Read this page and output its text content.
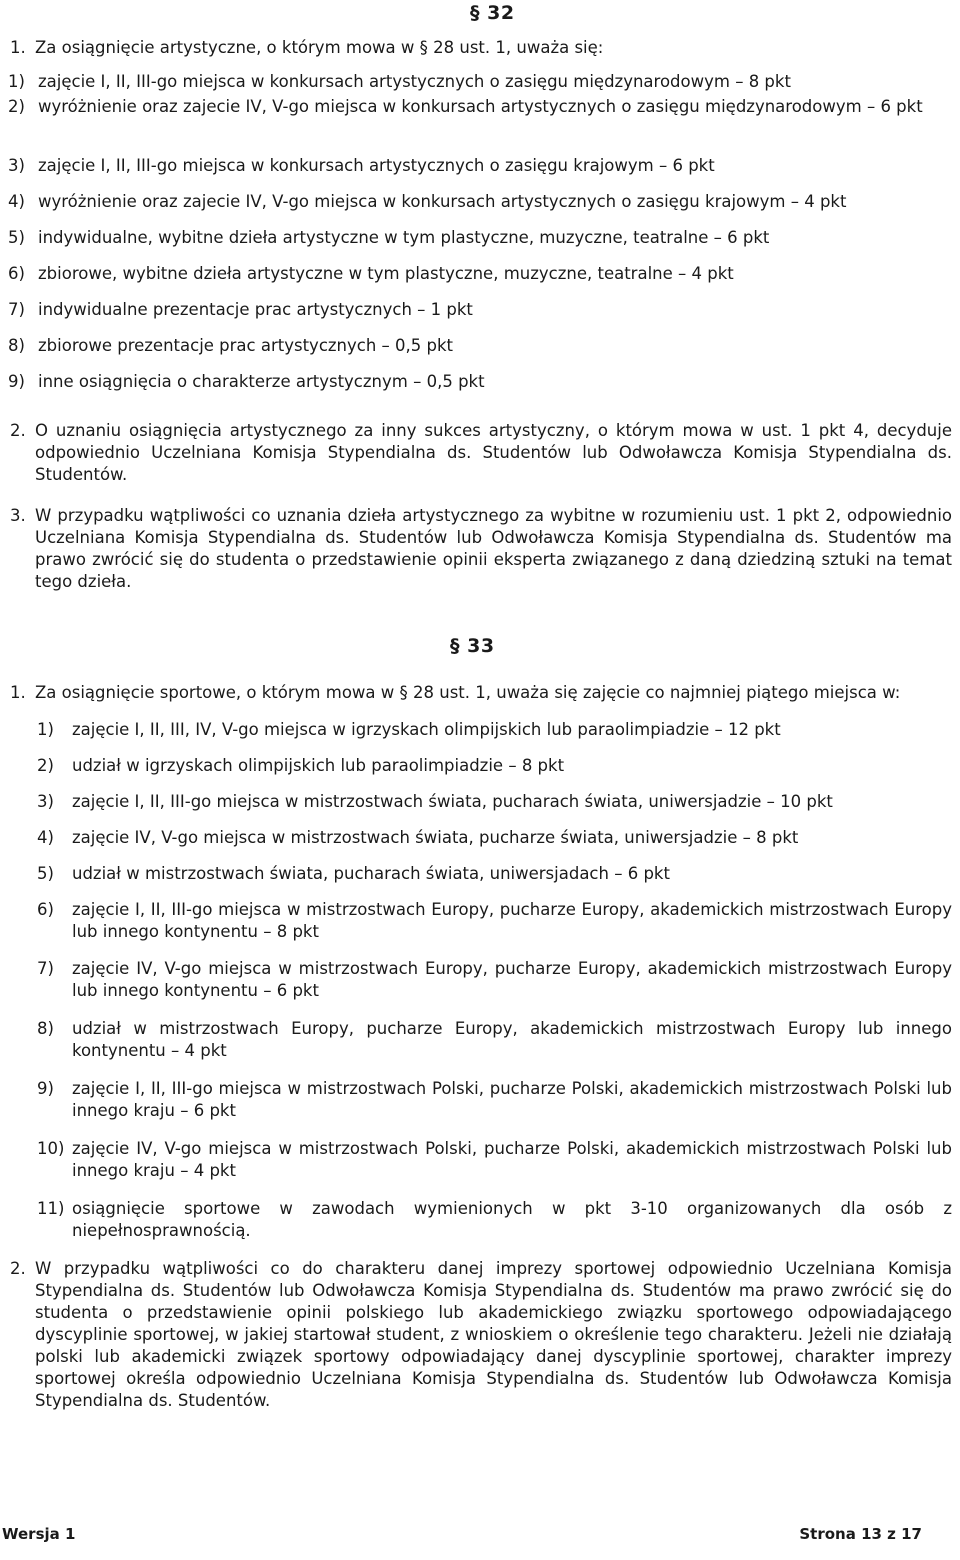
§ 32
1. Za osiągnięcie artystyczne, o którym mowa w § 28 ust. 1, uważa się:
1) zajęcie I, II, III-go miejsca w konkursach artystycznych o zasięgu międzynarodowym – 8 pkt
2) wyróżnienie oraz zajecie IV, V-go miejsca w konkursach artystycznych o zasięgu międzynarodowym – 6 pkt
3) zajęcie I, II, III-go miejsca w konkursach artystycznych o zasięgu krajowym – 6 pkt
4) wyróżnienie oraz zajecie IV, V-go miejsca w konkursach artystycznych o zasięgu krajowym – 4 pkt
5) indywidualne, wybitne dzieła artystyczne w tym plastyczne, muzyczne, teatralne – 6 pkt
6) zbiorowe, wybitne dzieła artystyczne w tym plastyczne, muzyczne, teatralne – 4 pkt
7) indywidualne prezentacje prac artystycznych – 1 pkt
8) zbiorowe prezentacje prac artystycznych – 0,5 pkt
9) inne osiągnięcia o charakterze artystycznym – 0,5 pkt
2. O uznaniu osiągnięcia artystycznego za inny sukces artystyczny, o którym mowa w ust. 1 pkt 4, decyduje odpowiednio Uczelniana Komisja Stypendialna ds. Studentów lub Odwoławcza Komisja Stypendialna ds. Studentów.
3. W przypadku wątpliwości co uznania dzieła artystycznego za wybitne w rozumieniu ust. 1 pkt 2, odpowiednio Uczelniana Komisja Stypendialna ds. Studentów lub Odwoławcza Komisja Stypendialna ds. Studentów ma prawo zwrócić się do studenta o przedstawienie opinii eksperta związanego z daną dziedziną sztuki na temat tego dzieła.
§ 33
1. Za osiągnięcie sportowe, o którym mowa w § 28 ust. 1, uważa się zajęcie co najmniej piątego miejsca w:
1) zajęcie I, II, III, IV, V-go miejsca w igrzyskach olimpijskich lub paraolimpiadzie – 12 pkt
2) udział w igrzyskach olimpijskich lub paraolimpiadzie – 8 pkt
3) zajęcie I, II, III-go miejsca w mistrzostwach świata, pucharach świata, uniwersjadzie – 10 pkt
4) zajęcie IV, V-go miejsca w mistrzostwach świata, pucharze świata, uniwersjadzie – 8 pkt
5) udział w mistrzostwach świata, pucharach świata, uniwersjadach – 6 pkt
6) zajęcie I, II, III-go miejsca w mistrzostwach Europy, pucharze Europy, akademickich mistrzostwach Europy lub innego kontynentu – 8 pkt
7) zajęcie IV, V-go miejsca w mistrzostwach Europy, pucharze Europy, akademickich mistrzostwach Europy lub innego kontynentu – 6 pkt
8) udział w mistrzostwach Europy, pucharze Europy, akademickich mistrzostwach Europy lub innego kontynentu – 4 pkt
9) zajęcie I, II, III-go miejsca w mistrzostwach Polski, pucharze Polski, akademickich mistrzostwach Polski lub innego kraju – 6 pkt
10) zajęcie IV, V-go miejsca w mistrzostwach Polski, pucharze Polski, akademickich mistrzostwach Polski lub innego kraju – 4 pkt
11) osiągnięcie sportowe w zawodach wymienionych w pkt 3-10 organizowanych dla osób z niepełnosprawnością.
2. W przypadku wątpliwości co do charakteru danej imprezy sportowej odpowiednio Uczelniana Komisja Stypendialna ds. Studentów lub Odwoławcza Komisja Stypendialna ds. Studentów ma prawo zwrócić się do studenta o przedstawienie opinii polskiego lub akademickiego związku sportowego odpowiadającego dyscyplinie sportowej, w jakiej startował student, z wnioskiem o określenie tego charakteru. Jeżeli nie działają polski lub akademicki związek sportowy odpowiadający danej dyscyplinie sportowej, charakter imprezy sportowej określa odpowiednio Uczelniana Komisja Stypendialna ds. Studentów lub Odwoławcza Komisja Stypendialna ds. Studentów.
Wersja 1	Strona 13 z 17
